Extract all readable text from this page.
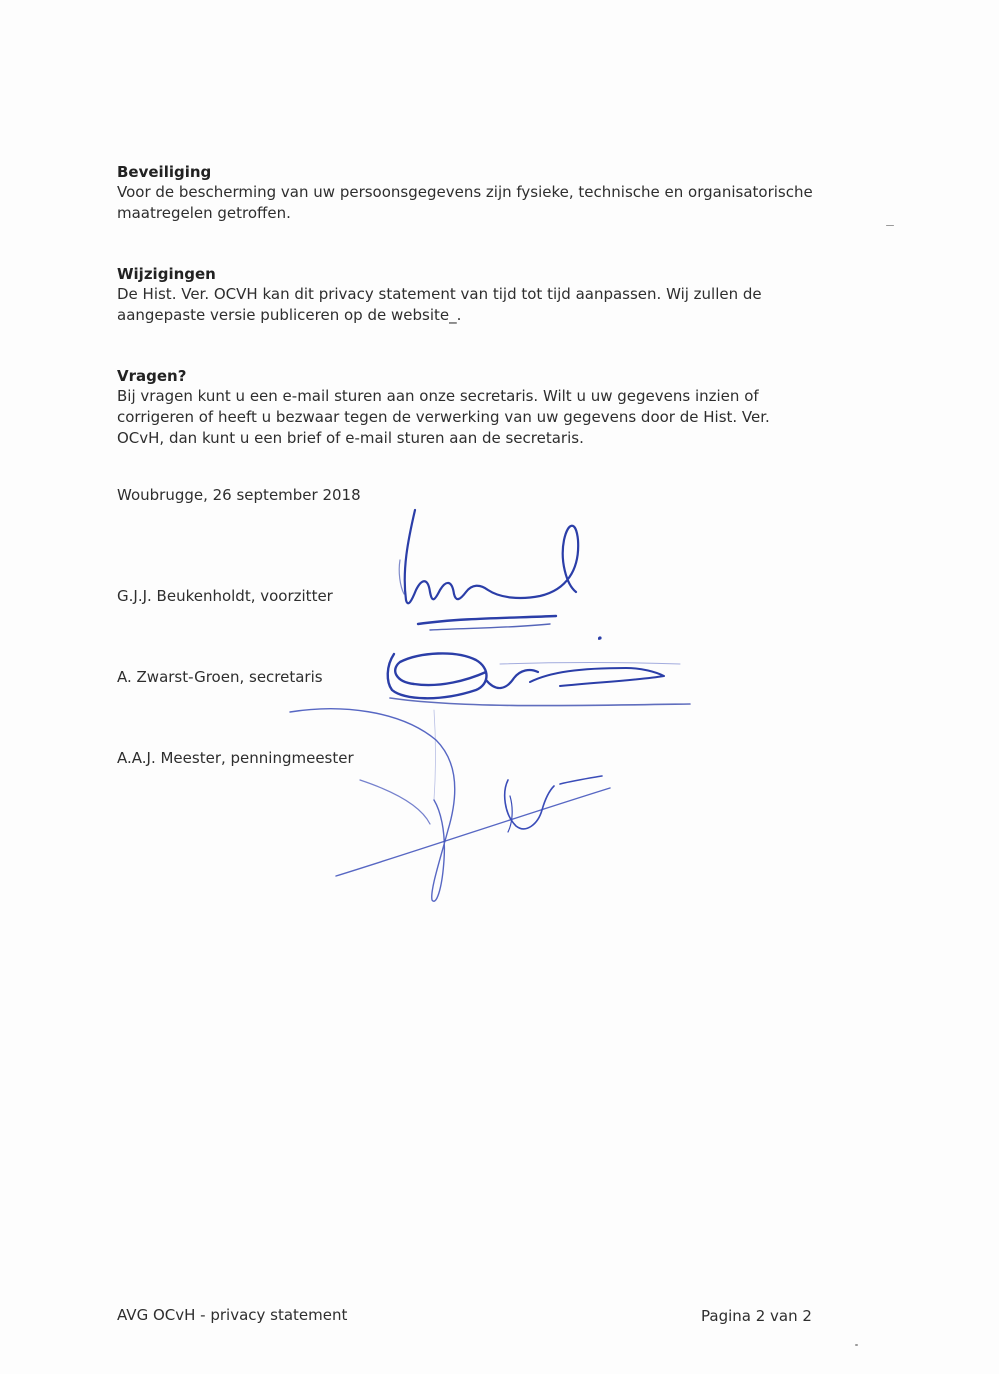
Beveiliging

Voor de bescherming van uw persoonsgegevens zijn fysieke, technische en organisatorische

maatregelen getroffen.

Wijzigingen

De Hist. Ver. OCVH kan dit privacy statement van tijd tot tijd aanpassen. Wij zullen de

aangepaste versie publiceren op de website_.

Vragen?

Bij vragen kunt u een e-mail sturen aan onze secretaris. Wilt u uw gegevens inzien of

corrigeren of heeft u bezwaar tegen de verwerking van uw gegevens door de Hist. Ver.

OCvH, dan kunt u een brief of e-mail sturen aan de secretaris.

Woubrugge, 26 september 2018
G.J.J. Beukenholdt, voorzitter
A. Zwarst-Groen, secretaris
A.A.J. Meester, penningmeester
AVG OCvH - privacy statement	Pagina 2 van 2
